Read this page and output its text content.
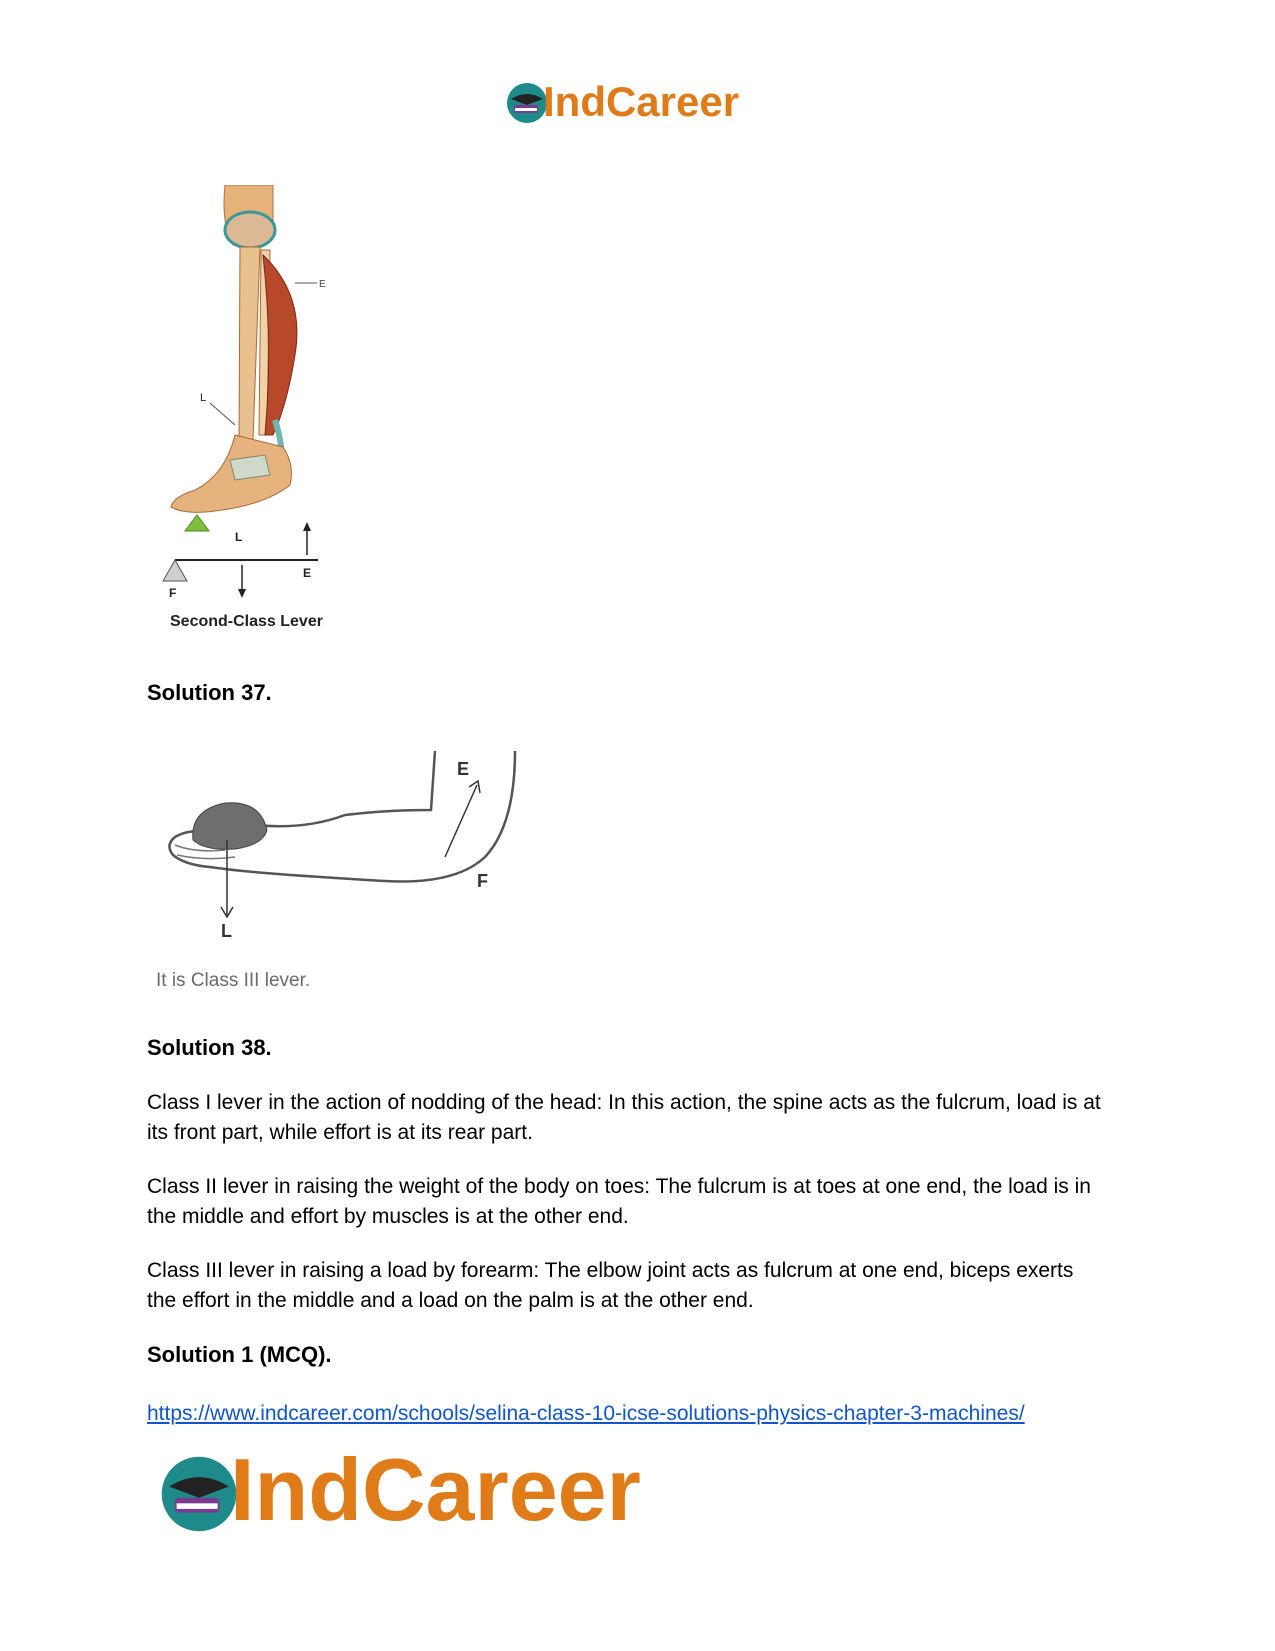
IndCareer
E
L
F
L
E
Second-Class Lever
Solution 37.
E
F
L
It is Class III lever.
Solution 38.
Class I lever in the action of nodding of the head: In this action, the spine acts as the fulcrum, load is at its front part, while effort is at its rear part.
Class II lever in raising the weight of the body on toes: The fulcrum is at toes at one end, the load is in the middle and effort by muscles is at the other end.
Class III lever in raising a load by forearm: The elbow joint acts as fulcrum at one end, biceps exerts the effort in the middle and a load on the palm is at the other end.
Solution 1 (MCQ).
https://www.indcareer.com/schools/selina-class-10-icse-solutions-physics-chapter-3-machines/
IndCareer
